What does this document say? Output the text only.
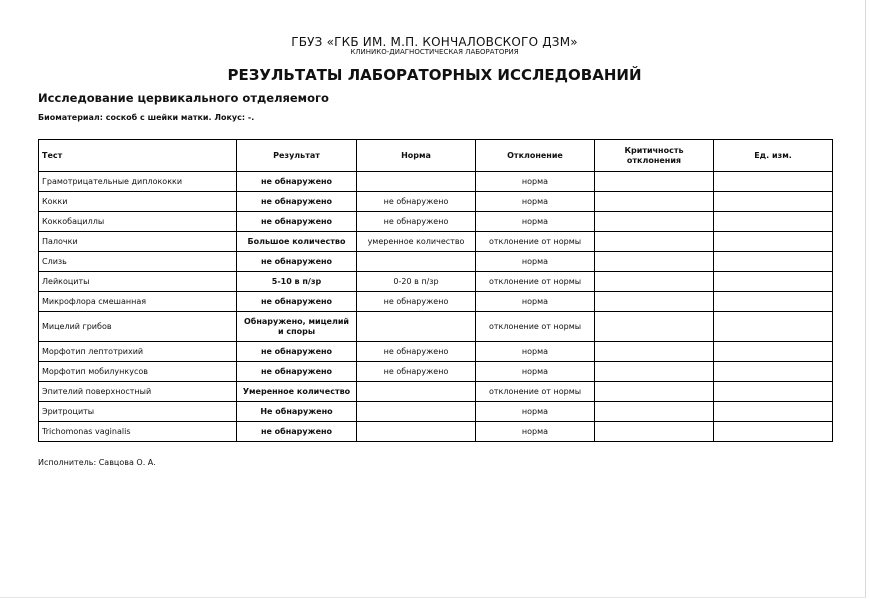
ГБУЗ «ГКБ ИМ. М.П. КОНЧАЛОВСКОГО ДЗМ»
КЛИНИКО-ДИАГНОСТИЧЕСКАЯ ЛАБОРАТОРИЯ
РЕЗУЛЬТАТЫ ЛАБОРАТОРНЫХ ИССЛЕДОВАНИЙ
Исследование цервикального отделяемого
Биоматериал: соскоб с шейки матки. Локус: -.
Тест	Результат	Норма	Отклонение	Критичность отклонения	Ед. изм.
Грамотрицательные диплококки	не обнаружено		норма		
Кокки	не обнаружено	не обнаружено	норма		
Коккобациллы	не обнаружено	не обнаружено	норма		
Палочки	Большое количество	умеренное количество	отклонение от нормы		
Слизь	не обнаружено		норма		
Лейкоциты	5-10 в п/зр	0-20 в п/зр	отклонение от нормы		
Микрофлора смешанная	не обнаружено	не обнаружено	норма		
Мицелий грибов	Обнаружено, мицелий и споры		отклонение от нормы		
Морфотип лептотрихий	не обнаружено	не обнаружено	норма		
Морфотип мобилункусов	не обнаружено	не обнаружено	норма		
Эпителий поверхностный	Умеренное количество		отклонение от нормы		
Эритроциты	Не обнаружено		норма		
Trichomonas vaginalis	не обнаружено		норма		
Исполнитель: Савцова О. А.
